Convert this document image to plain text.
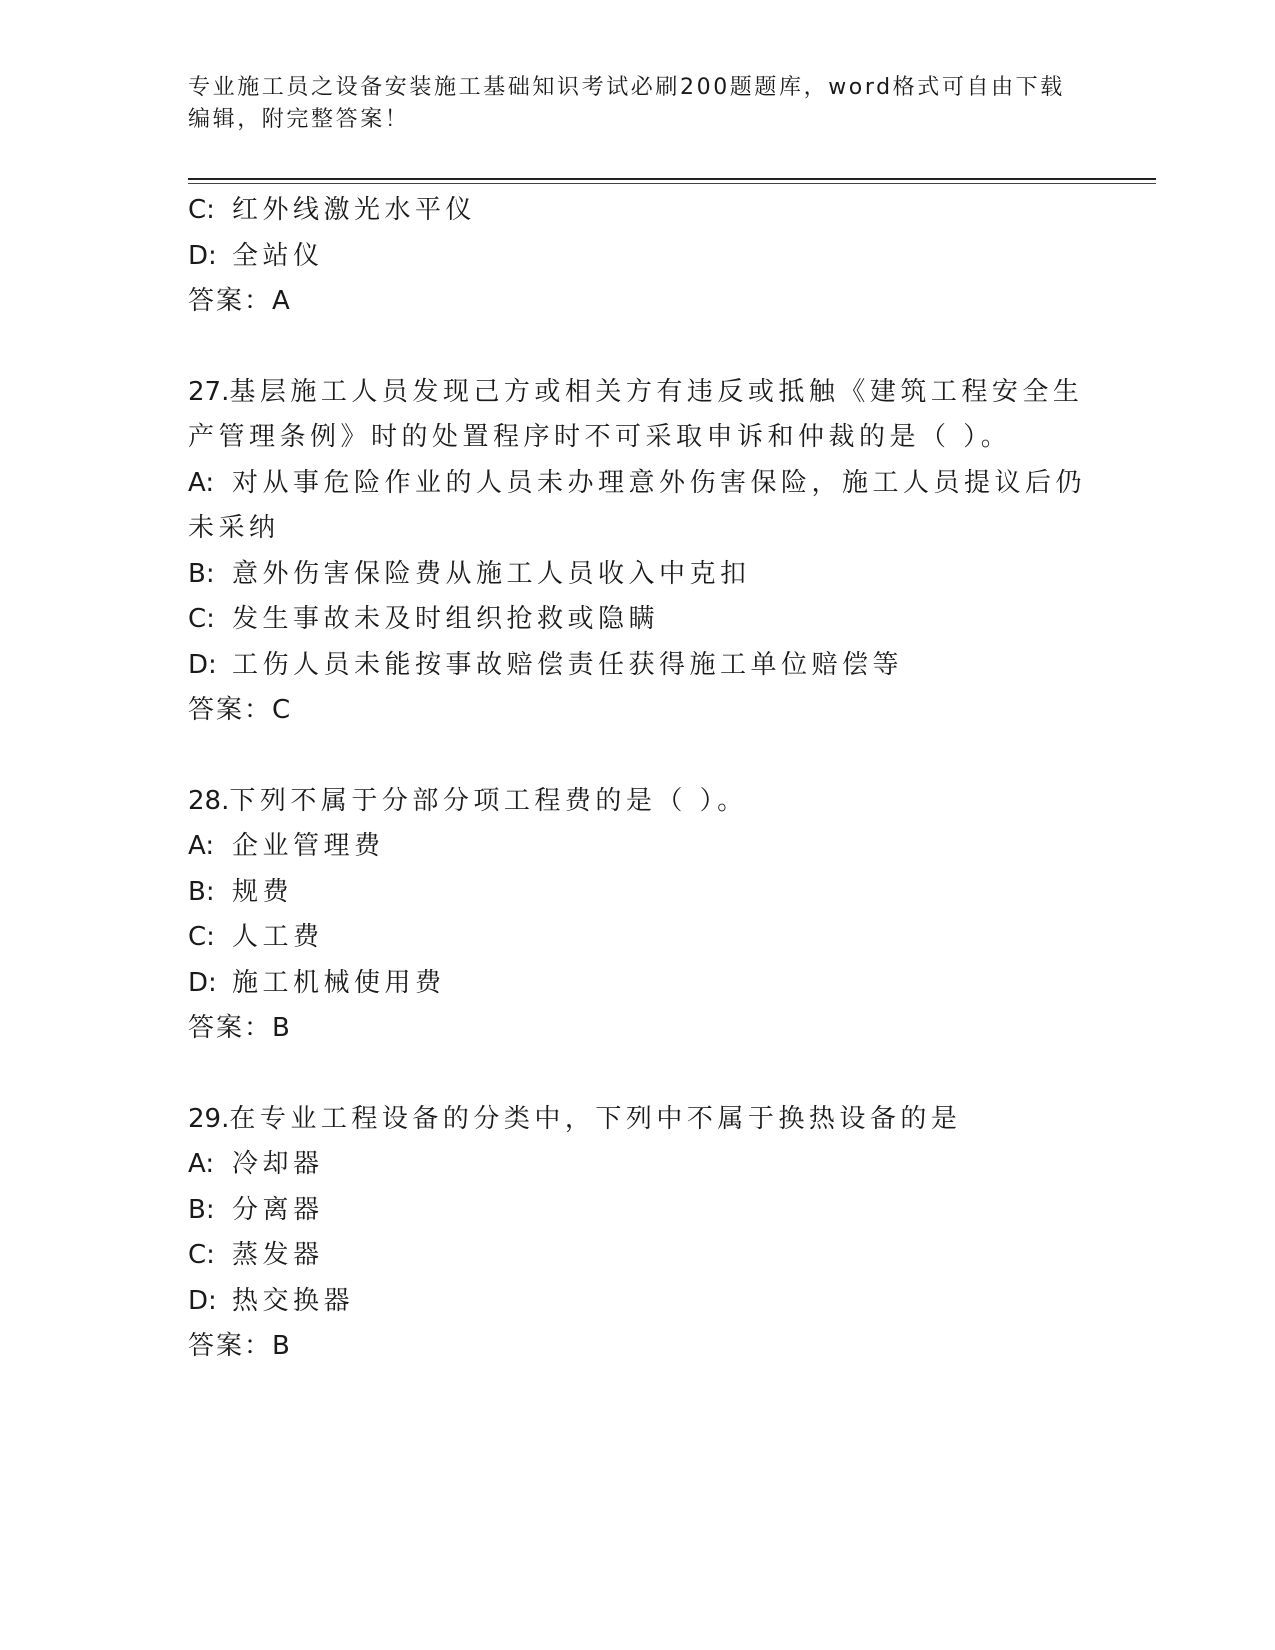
专业施工员之设备安装施工基础知识考试必刷200题题库，word格式可自由下载编辑，附完整答案！
C: 红外线激光水平仪
D: 全站仪
答案：A
27.基层施工人员发现己方或相关方有违反或抵触《建筑工程安全生产管理条例》时的处置程序时不可采取申诉和仲裁的是（ ）。
A: 对从事危险作业的人员未办理意外伤害保险，施工人员提议后仍未采纳
B: 意外伤害保险费从施工人员收入中克扣
C: 发生事故未及时组织抢救或隐瞒
D: 工伤人员未能按事故赔偿责任获得施工单位赔偿等
答案：C
28.下列不属于分部分项工程费的是（ ）。
A: 企业管理费
B: 规费
C: 人工费
D: 施工机械使用费
答案：B
29.在专业工程设备的分类中，下列中不属于换热设备的是
A: 冷却器
B: 分离器
C: 蒸发器
D: 热交换器
答案：B
